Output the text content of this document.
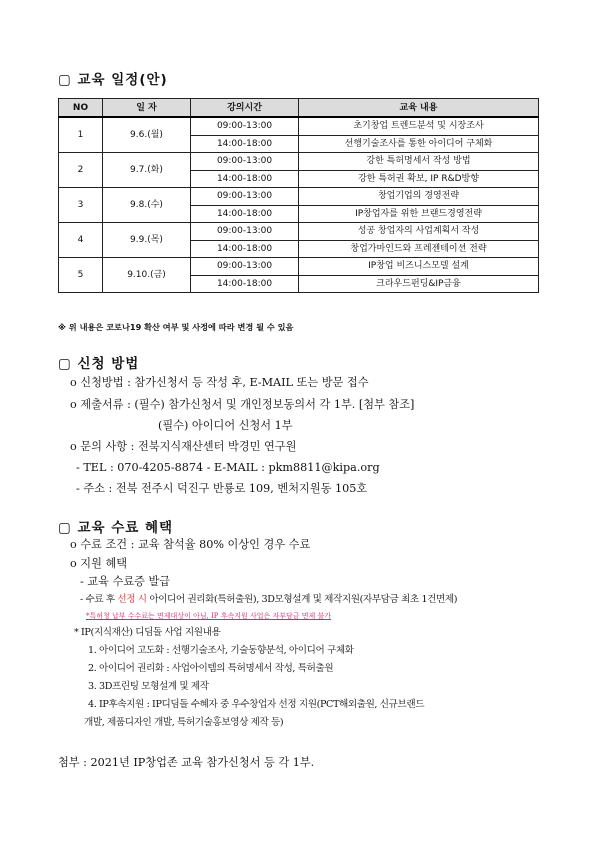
▢ 교육 일정(안)
NO	일 자	강의시간	교육 내용
1	9.6.(월)	09:00-13:00	초기창업 트렌드분석 및 시장조사
		14:00-18:00	선행기술조사를 통한 아이디어 구체화
2	9.7.(화)	09:00-13:00	강한 특허명세서 작성 방법
		14:00-18:00	강한 특허권 확보, IP R&D방향
3	9.8.(수)	09:00-13:00	창업기업의 경영전략
		14:00-18:00	IP창업자를 위한 브랜드경영전략
4	9.9.(목)	09:00-13:00	성공 창업자의 사업계획서 작성
		14:00-18:00	창업가마인드와 프레젠테이션 전략
5	9.10.(금)	09:00-13:00	IP창업 비즈니스모델 설계
		14:00-18:00	크라우드펀딩&IP금융
※ 위 내용은 코로나19 확산 여부 및 사정에 따라 변경 될 수 있음
▢ 신청 방법
o 신청방법 : 참가신청서 등 작성 후, E-MAIL 또는 방문 접수
o 제출서류 : (필수) 참가신청서 및 개인정보동의서 각 1부. [첨부 참조]
(필수) 아이디어 신청서 1부
o 문의 사항 : 전북지식재산센터 박경민 연구원
- TEL : 070-4205-8874 - E-MAIL : pkm8811@kipa.org
- 주소 : 전북 전주시 덕진구 반룡로 109, 벤처지원동 105호
▢ 교육 수료 혜택
o 수료 조건 : 교육 참석율 80% 이상인 경우 수료
o 지원 혜택
- 교육 수료증 발급
- 수료 후 선정 시 아이디어 권리화(특허출원), 3D모형설계 및 제작지원(자부담금 최초 1건면제)
*특허청 납부 수수료는 면제대상이 아님, IP 후속지원 사업은 자부담금 면제 불가
* IP(지식재산) 디딤돌 사업 지원내용
1. 아이디어 고도화 : 선행기술조사, 기술동향분석, 아이디어 구체화
2. 아이디어 권리화 : 사업아이템의 특허명세서 작성, 특허출원
3. 3D프린팅 모형설계 및 제작
4. IP후속지원 : IP디딤돌 수혜자 중 우수창업자 선정 지원(PCT해외출원, 신규브랜드
개발, 제품디자인 개발, 특허기술홍보영상 제작 등)
첨부 : 2021년 IP창업존 교육 참가신청서 등 각 1부.
